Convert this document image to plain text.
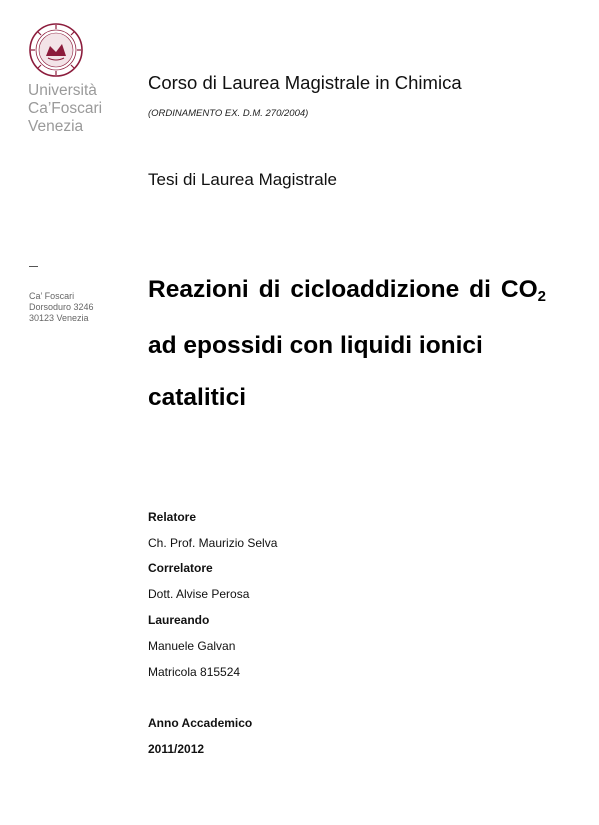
Università
Ca’Foscari
Venezia
Ca’ Foscari
Dorsoduro 3246
30123 Venezia
Corso di Laurea Magistrale in Chimica
(ORDINAMENTO EX. D.M. 270/2004)
Tesi di Laurea Magistrale
Reazioni di cicloaddizione di $CO_2$
ad epossidi con liquidi ionici
catalitici
Relatore
Ch. Prof. Maurizio Selva
Correlatore
Dott. Alvise Perosa
Laureando
Manuele Galvan
Matricola 815524
Anno Accademico
2011/2012
